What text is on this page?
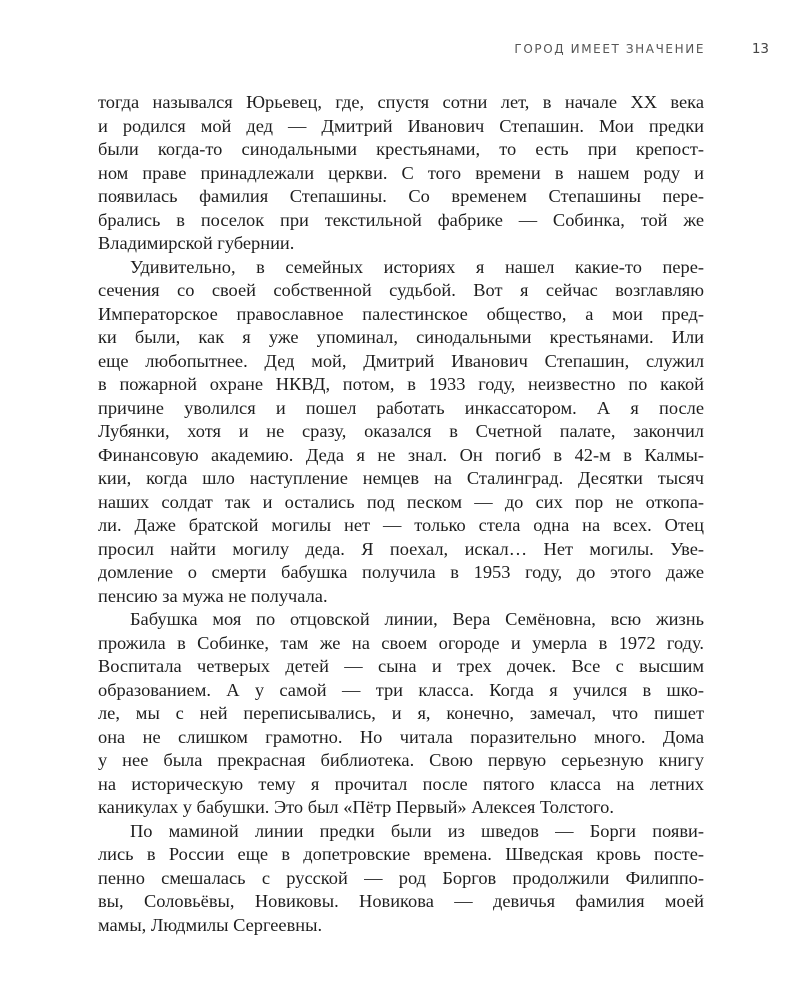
ГОРОД ИМЕЕТ ЗНАЧЕНИЕ	13
тогда назывался Юрьевец, где, спустя сотни лет, в начале XX века
и родился мой дед — Дмитрий Иванович Степашин. Мои предки
были когда-то синодальными крестьянами, то есть при крепост-
ном праве принадлежали церкви. С того времени в нашем роду и
появилась фамилия Степашины. Со временем Степашины пере-
брались в поселок при текстильной фабрике — Собинка, той же
Владимирской губернии.
Удивительно, в семейных историях я нашел какие-то пере-
сечения со своей собственной судьбой. Вот я сейчас возглавляю
Императорское православное палестинское общество, а мои пред-
ки были, как я уже упоминал, синодальными крестьянами. Или
еще любопытнее. Дед мой, Дмитрий Иванович Степашин, служил
в пожарной охране НКВД, потом, в 1933 году, неизвестно по какой
причине уволился и пошел работать инкассатором. А я после
Лубянки, хотя и не сразу, оказался в Счетной палате, закончил
Финансовую академию. Деда я не знал. Он погиб в 42-м в Калмы-
кии, когда шло наступление немцев на Сталинград. Десятки тысяч
наших солдат так и остались под песком — до сих пор не откопа-
ли. Даже братской могилы нет — только стела одна на всех. Отец
просил найти могилу деда. Я поехал, искал… Нет могилы. Уве-
домление о смерти бабушка получила в 1953 году, до этого даже
пенсию за мужа не получала.
Бабушка моя по отцовской линии, Вера Семёновна, всю жизнь
прожила в Собинке, там же на своем огороде и умерла в 1972 году.
Воспитала четверых детей — сына и трех дочек. Все с высшим
образованием. А у самой — три класса. Когда я учился в шко-
ле, мы с ней переписывались, и я, конечно, замечал, что пишет
она не слишком грамотно. Но читала поразительно много. Дома
у нее была прекрасная библиотека. Свою первую серьезную книгу
на историческую тему я прочитал после пятого класса на летних
каникулах у бабушки. Это был «Пётр Первый» Алексея Толстого.
По маминой линии предки были из шведов — Борги появи-
лись в России еще в допетровские времена. Шведская кровь посте-
пенно смешалась с русской — род Боргов продолжили Филиппо-
вы, Соловьёвы, Новиковы. Новикова — девичья фамилия моей
мамы, Людмилы Сергеевны.
